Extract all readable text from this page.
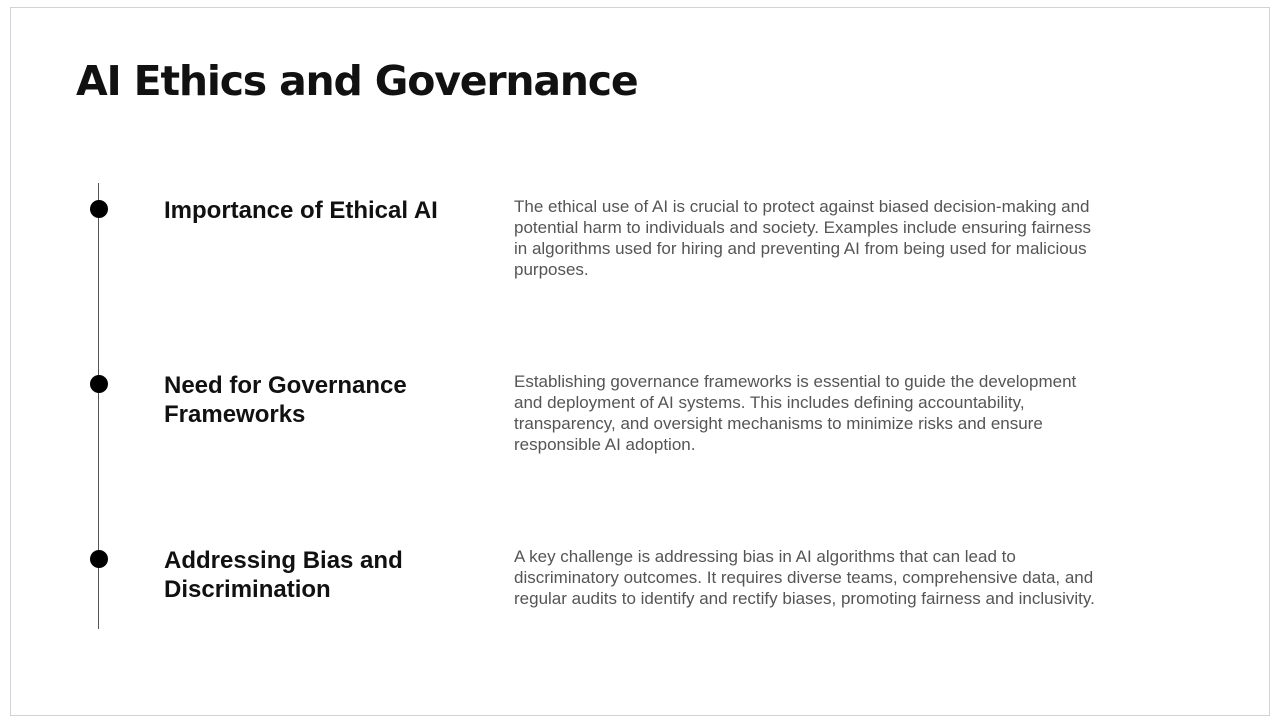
AI Ethics and Governance
Importance of Ethical AI	The ethical use of AI is crucial to protect against biased decision-making and potential harm to individuals and society. Examples include ensuring fairness in algorithms used for hiring and preventing AI from being used for malicious purposes.

Need for Governance Frameworks

Establishing governance frameworks is essential to guide the development and deployment of AI systems. This includes defining accountability, transparency, and oversight mechanisms to minimize risks and ensure responsible AI adoption.

Addressing Bias and Discrimination

A key challenge is addressing bias in AI algorithms that can lead to discriminatory outcomes. It requires diverse teams, comprehensive data, and regular audits to identify and rectify biases, promoting fairness and inclusivity.
